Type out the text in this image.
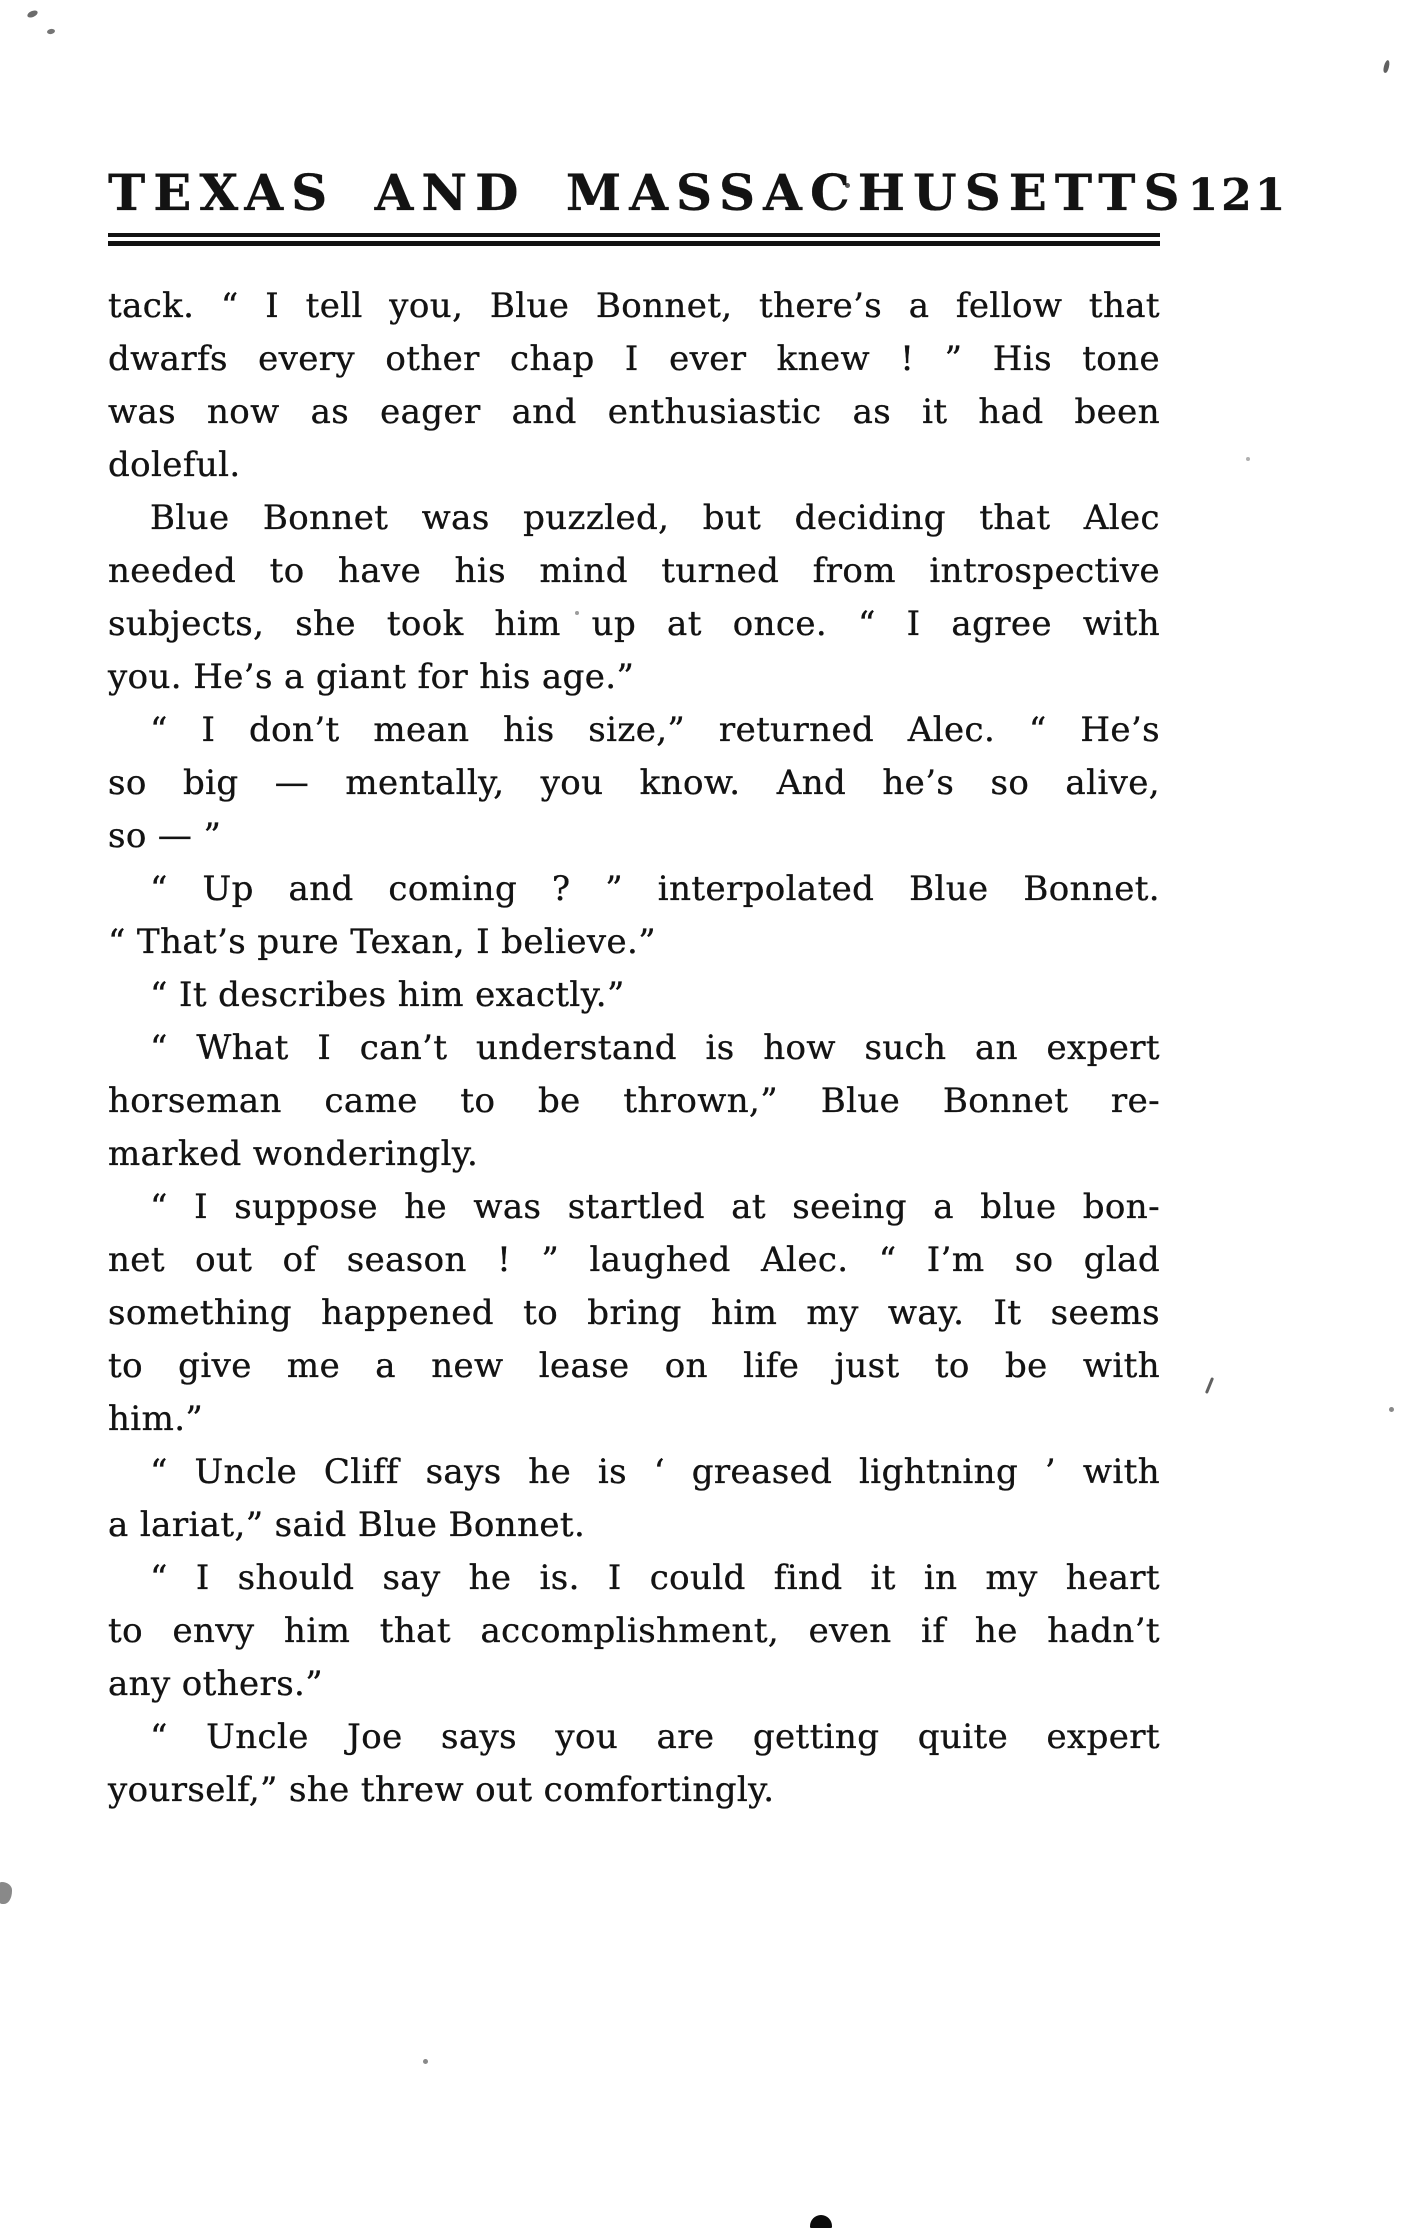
TEXAS AND MASSACHUSETTS 121
tack. “ I tell you, Blue Bonnet, there’s a fellow that
dwarfs every other chap I ever knew ! ” His tone
was now as eager and enthusiastic as it had been
doleful.
Blue Bonnet was puzzled, but deciding that Alec
needed to have his mind turned from introspective
subjects, she took him up at once. “ I agree with
you. He’s a giant for his age.”
“ I don’t mean his size,” returned Alec. “ He’s
so big — mentally, you know. And he’s so alive,
so — ”
“ Up and coming ? ” interpolated Blue Bonnet.
“ That’s pure Texan, I believe.”
“ It describes him exactly.”
“ What I can’t understand is how such an expert
horseman came to be thrown,” Blue Bonnet re-
marked wonderingly.
“ I suppose he was startled at seeing a blue bon-
net out of season ! ” laughed Alec. “ I’m so glad
something happened to bring him my way. It seems
to give me a new lease on life just to be with
him.”
“ Uncle Cliff says he is ‘ greased lightning ’ with
a lariat,” said Blue Bonnet.
“ I should say he is. I could find it in my heart
to envy him that accomplishment, even if he hadn’t
any others.”
“ Uncle Joe says you are getting quite expert
yourself,” she threw out comfortingly.
